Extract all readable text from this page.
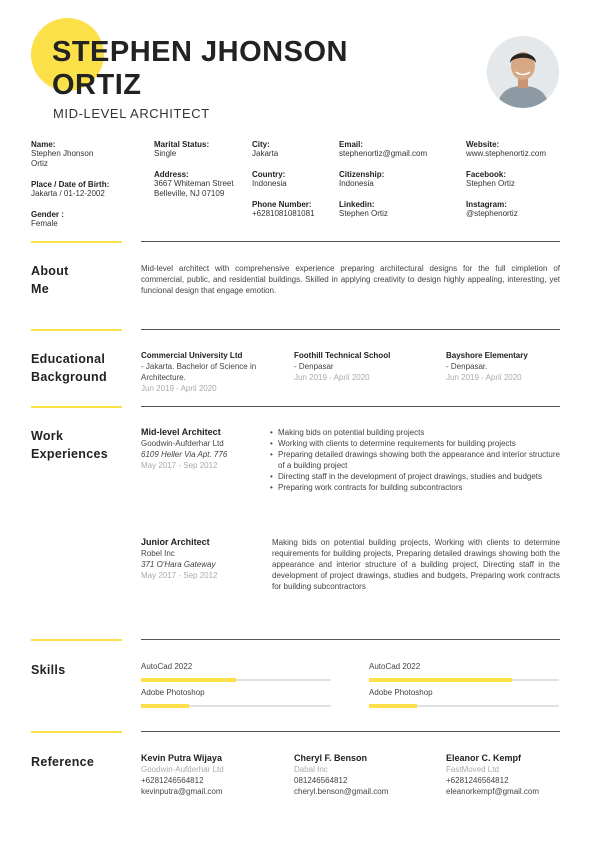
STEPHEN JHONSON
ORTIZ
MID-LEVEL ARCHITECT
Name:
Stephen Jhonson Ortiz
Place / Date of Birth:
Jakarta / 01-12-2002
Gender :
Female
Marital Status:
Single
Address:
3667 Whiteman Street Belleville, NJ 07109
City:
Jakarta
Country:
Indonesia
Phone Number:
+6281081081081
Email:
stephenortiz@gmail.com
Citizenship:
Indonesia
Linkedin:
Stephen Ortiz
Website:
www.stephenortiz.com
Facebook:
Stephen Ortiz
Instagram:
@stephenortiz
About
Me
Mid-level architect with comprehensive experience preparing architectural designs for the full cimpletion of commercial, public, and residential buildings. Skilled in applying creativity to design highly appealing, interesting, yet funcional design that engage emotion.
Educational
Background
Commercial University Ltd
- Jakarta. Bachelor of Science in Architecture.
Jun 2019 - April 2020
Foothill Technical School
- Denpasar
Jun 2019 - April 2020
Bayshore Elementary
- Denpasar.
Jun 2019 - April 2020
Work
Experiences
Mid-level Architect
Goodwin-Aufderhar Ltd
6109 Heller Via Apt. 776
May 2017 - Sep 2012
• Making bids on potential building projects
• Working with clients to determine requirements for building projects
• Preparing detailed drawings showing both the appearance and interior structure of a building project
• Directing staff in the development of project drawings, studies and budgets
• Preparing work contracts for building subcontractors
Junior Architect
Robel Inc
371 O'Hara Gateway
May 2017 - Sep 2012
Making bids on potential building projects, Working with clients to determine requirements for building projects, Preparing detailed drawings showing both the appearance and interior structure of a building project, Directing staff in the development of project drawings, studies and budgets, Preparing work contracts for building subcontractors
Skills	AutoCad 2022	AutoCad 2022
Adobe Photoshop	Adobe Photoshop
Reference	Kevin Putra Wijaya
Goodwin-Aufderhar Ltd
+6281246564812
kevinputra@gmail.com
Cheryl F. Benson
Dabal Inc
0812465648​12
cheryl.benson@gmail.com
Eleanor C. Kempf
FastMoved Ltd
+6281246564812
eleanorkempf@gmail.com
